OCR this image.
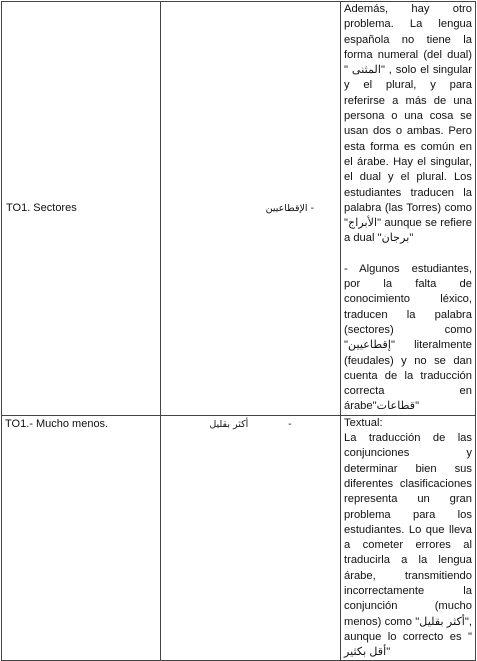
TO1. Sectores	- الإقطاعيين	Además, hay otro problema. La lengua española no tiene la forma numeral (del dual) " المثنى" , solo el singular y el plural, y para referirse a más de una persona o una cosa se usan dos o ambas. Pero esta forma es común en el árabe. Hay el singular, el dual y el plural. Los estudiantes traducen la palabra (las Torres) como "الأبراج" aunque se refiere a dual "برجان"

- Algunos estudiantes, por la falta de conocimiento léxico, traducen la palabra (sectores) como "إقطاعيين" literalmente (feudales) y no se dan cuenta de la traducción correcta en árabe"قطاعات"

TO1.- Mucho menos.	أكثر بقليل -	Textual:

La traducción de las conjunciones y determinar bien sus diferentes clasificaciones representa un gran problema para los estudiantes. Lo que lleva a cometer errores al traducirla a la lengua árabe, transmitiendo incorrectamente la conjunción (mucho menos) como "أكثر بقليل", aunque lo correcto es " أقل بكثير"
